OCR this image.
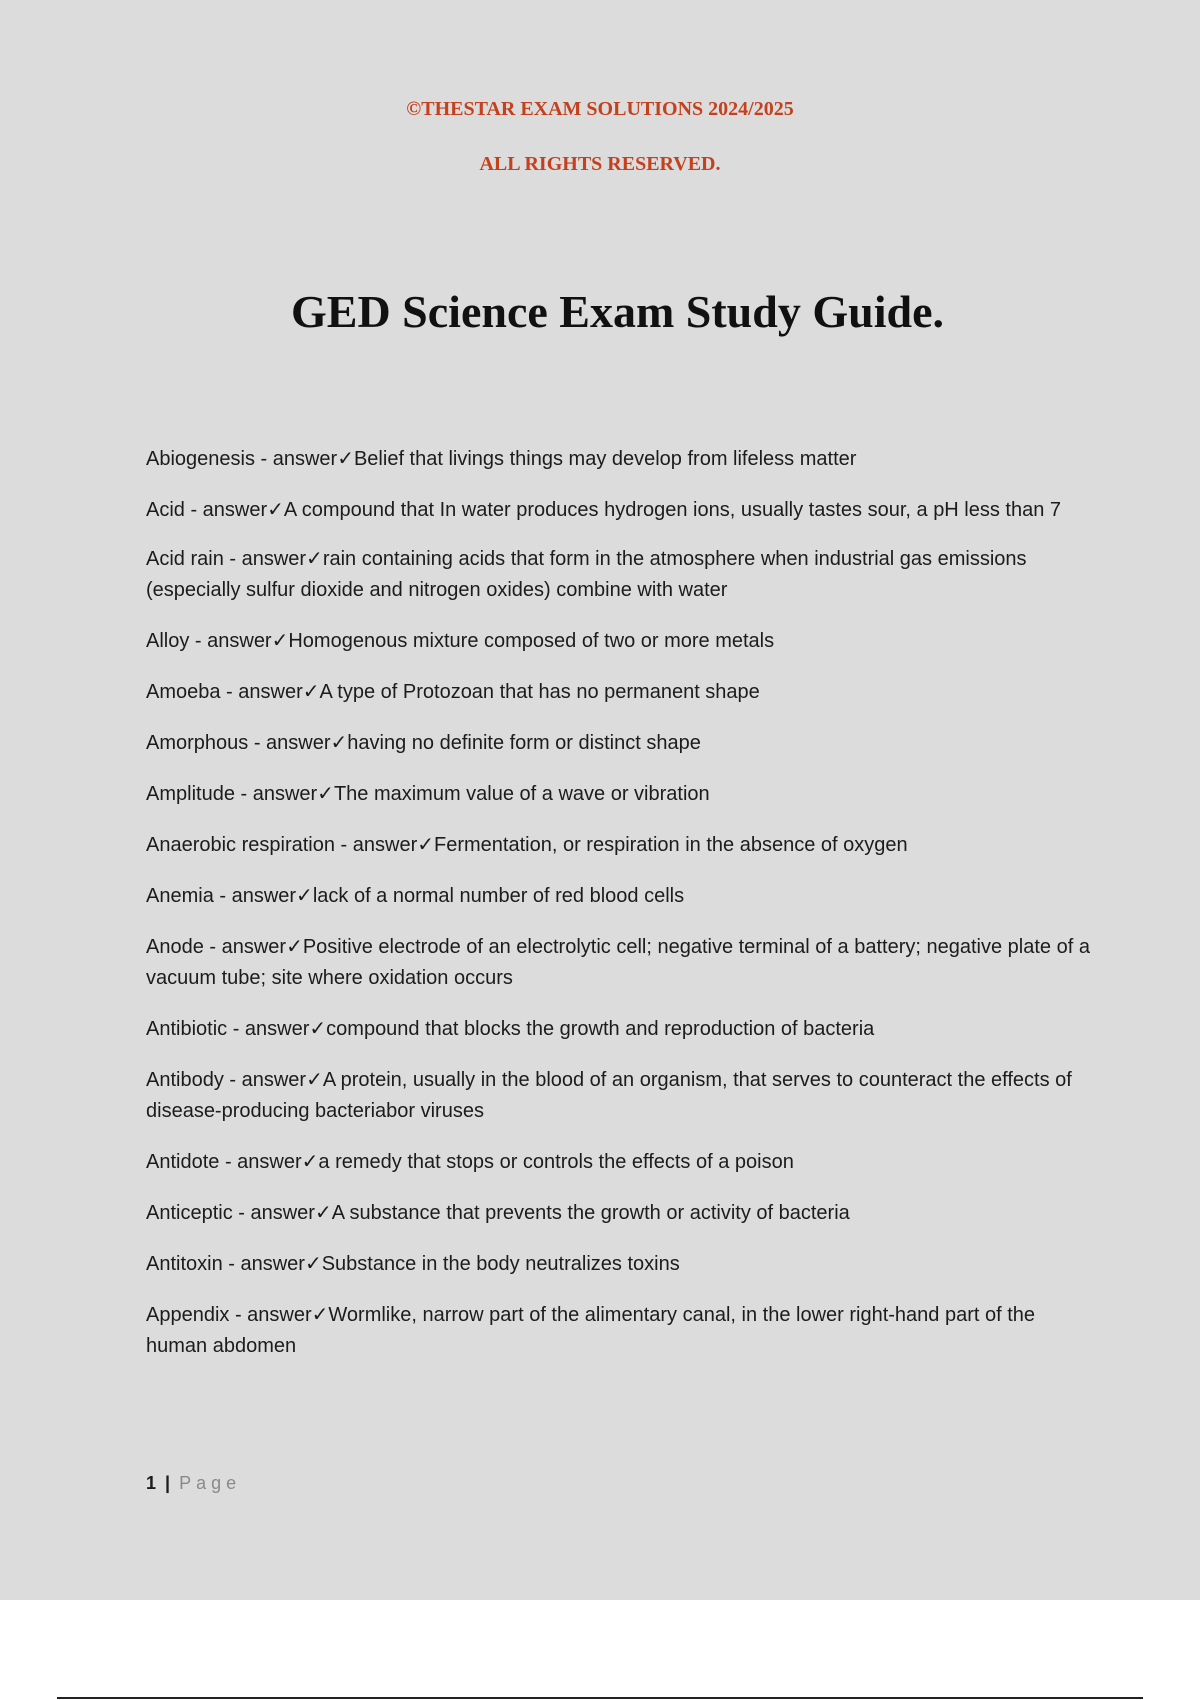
©THESTAR EXAM SOLUTIONS 2024/2025
ALL RIGHTS RESERVED.
GED Science Exam Study Guide.
Abiogenesis - answer✓Belief that livings things may develop from lifeless matter
Acid - answer✓A compound that In water produces hydrogen ions, usually tastes sour, a pH less than 7
Acid rain - answer✓rain containing acids that form in the atmosphere when industrial gas emissions (especially sulfur dioxide and nitrogen oxides) combine with water
Alloy - answer✓Homogenous mixture composed of two or more metals
Amoeba - answer✓A type of Protozoan that has no permanent shape
Amorphous - answer✓having no definite form or distinct shape
Amplitude - answer✓The maximum value of a wave or vibration
Anaerobic respiration - answer✓Fermentation, or respiration in the absence of oxygen
Anemia - answer✓lack of a normal number of red blood cells
Anode - answer✓Positive electrode of an electrolytic cell; negative terminal of a battery; negative plate of a vacuum tube; site where oxidation occurs
Antibiotic - answer✓compound that blocks the growth and reproduction of bacteria
Antibody - answer✓A protein, usually in the blood of an organism, that serves to counteract the effects of disease-producing bacteriabor viruses
Antidote - answer✓a remedy that stops or controls the effects of a poison
Anticeptic - answer✓A substance that prevents the growth or activity of bacteria
Antitoxin - answer✓Substance in the body neutralizes toxins
Appendix - answer✓Wormlike, narrow part of the alimentary canal, in the lower right-hand part of the human abdomen
1 | Page
